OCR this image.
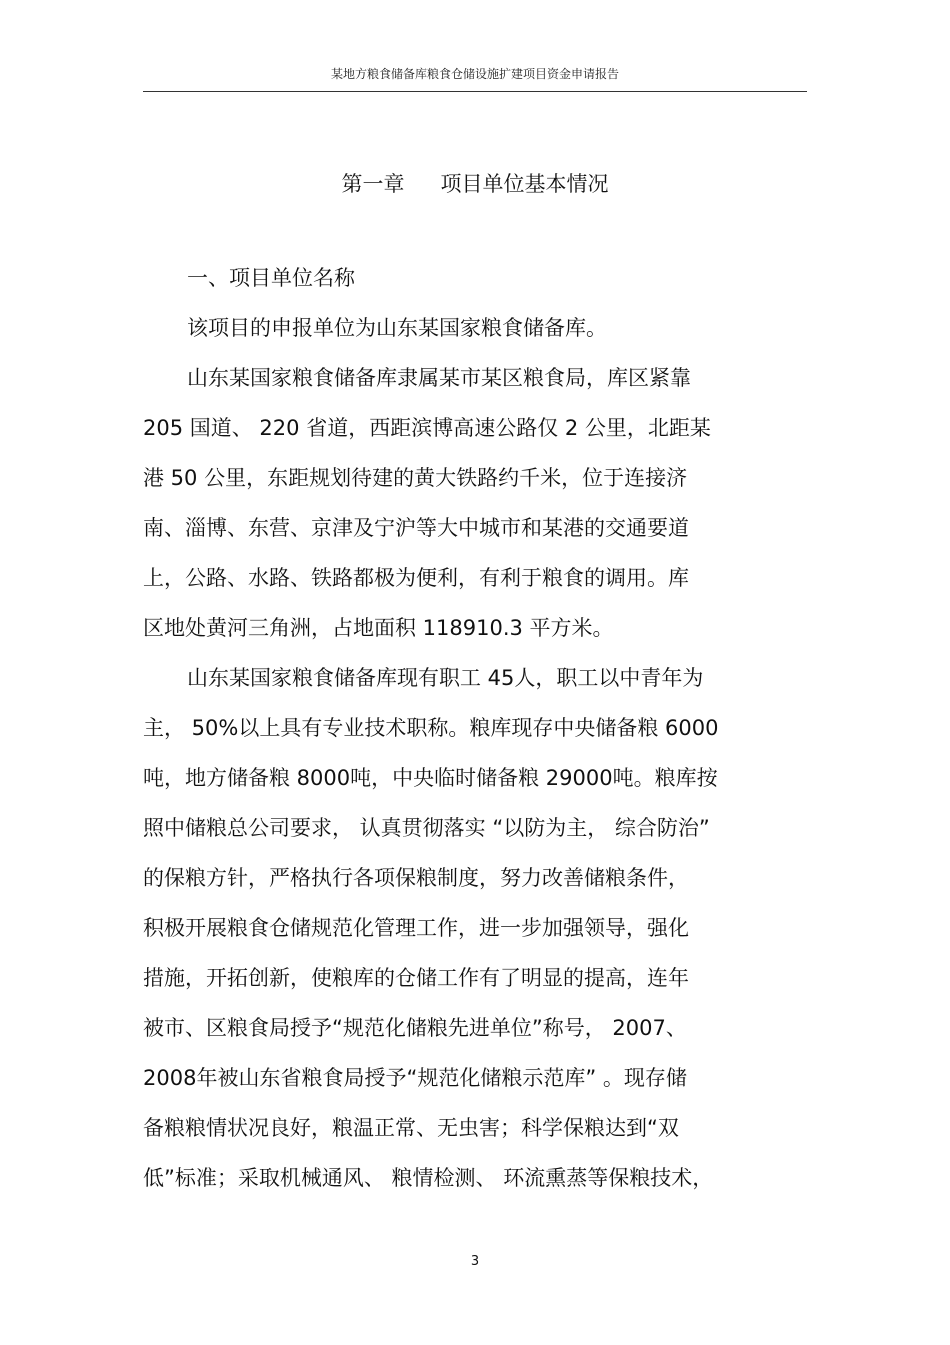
某地方粮食储备库粮食仓储设施扩建项目资金申请报告
第一章 项目单位基本情况
一、项目单位名称
该项目的申报单位为山东某国家粮食储备库。
山东某国家粮食储备库隶属某市某区粮食局，库区紧靠
205 国道、 220 省道，西距滨博高速公路仅 2 公里，北距某
港 50 公里，东距规划待建的黄大铁路约千米，位于连接济
南、淄博、东营、京津及宁沪等大中城市和某港的交通要道
上，公路、水路、铁路都极为便利，有利于粮食的调用。库
区地处黄河三角洲，占地面积 118910.3 平方米。
山东某国家粮食储备库现有职工 45人，职工以中青年为
主， 50%以上具有专业技术职称。粮库现存中央储备粮 6000
吨，地方储备粮 8000吨，中央临时储备粮 29000吨。粮库按
照中储粮总公司要求， 认真贯彻落实 “以防为主， 综合防治”
的保粮方针，严格执行各项保粮制度，努力改善储粮条件，
积极开展粮食仓储规范化管理工作，进一步加强领导，强化
措施，开拓创新，使粮库的仓储工作有了明显的提高，连年
被市、区粮食局授予“规范化储粮先进单位”称号， 2007、
2008年被山东省粮食局授予“规范化储粮示范库” 。现存储
备粮粮情状况良好，粮温正常、无虫害；科学保粮达到“双
低”标准；采取机械通风、 粮情检测、 环流熏蒸等保粮技术，
3
